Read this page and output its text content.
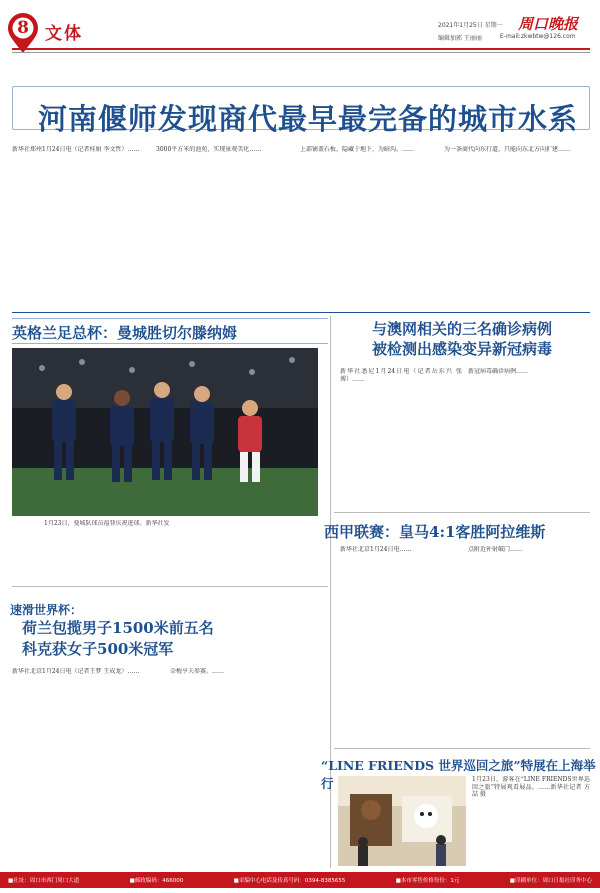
8 文体	2021年1月25日 星期一 周口晚报
编辑加郭 王丽丽	E-mail:zkwbtw@126.com
河南偃师发现商代最早最完备的城市水系
新华社郑州1月24日电（记者桂娟 李文哲）……	3000平方米的池苑，实现景观美化……	上部铺盖石板，隐藏于地下，为暗沟。……	为一条商代向东行道，只能向东北方向扩建……
英格兰足总杯：曼城胜切尔滕纳姆
1月23日，曼城队球员福登庆祝进球。新华社发
与澳网相关的三名确诊病例
被检测出感染变异新冠病毒
新华社悉尼1月24日电（记者岳东兴 张博）……
新冠病毒确诊病例……
速滑世界杯：
荷兰包揽男子1500米前五名
科克获女子500米冠军
新华社北京1月24日电（记者王梦 王成龙）……	奈梅亨夫参赛。……
西甲联赛：皇马4:1客胜阿拉维斯
新华社北京1月24日电……	点附近补射破门……
“LINE FRIENDS 世界巡回之旅”特展在上海举行	1月23日，游客在“LINE FRIENDS世界巡回之旅”特展观看展品。……新华社记者 方喆 摄
■社址：周口市西门周口大道	■邮政编码：466000	■采编中心电话及传真号码：0394-8385655	■本市零售价格每份：1元	■印刷单位：周口日报社印务中心
